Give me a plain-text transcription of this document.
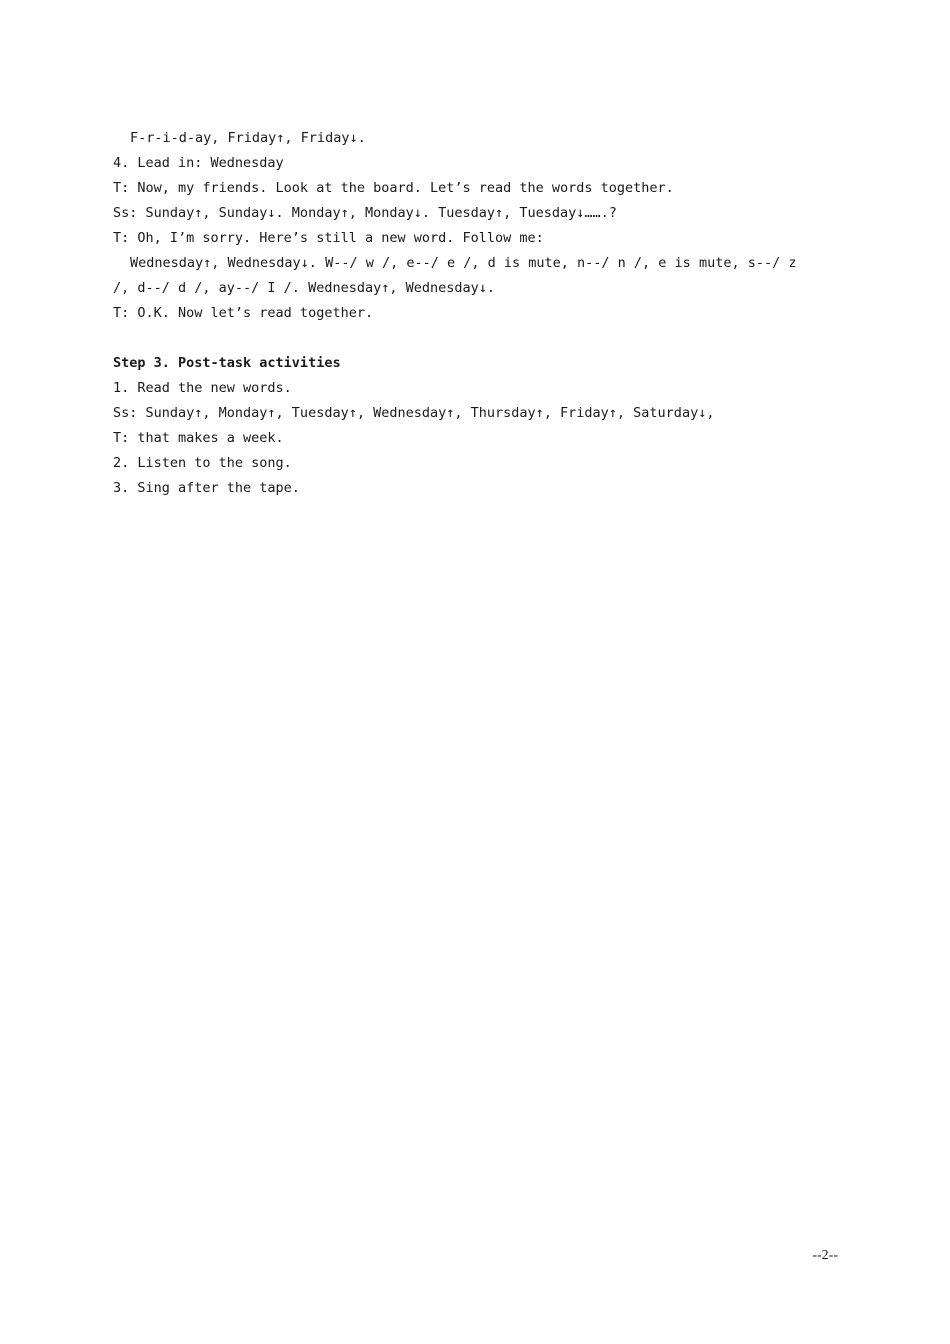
F-r-i-d-ay, Friday↑, Friday↓.
4. Lead in: Wednesday
T: Now, my friends. Look at the board. Let’s read the words together.
Ss: Sunday↑, Sunday↓. Monday↑, Monday↓. Tuesday↑, Tuesday↓…….?
T: Oh, I’m sorry. Here’s still a new word. Follow me:
Wednesday↑, Wednesday↓. W--/ w /, e--/ e /, d is mute, n--/ n /, e is mute, s--/ z
/, d--/ d /, ay--/ I /. Wednesday↑, Wednesday↓.
T: O.K. Now let’s read together.
Step 3. Post-task activities
1. Read the new words.
Ss: Sunday↑, Monday↑, Tuesday↑, Wednesday↑, Thursday↑, Friday↑, Saturday↓,
T: that makes a week.
2. Listen to the song.
3. Sing after the tape.
--2--
